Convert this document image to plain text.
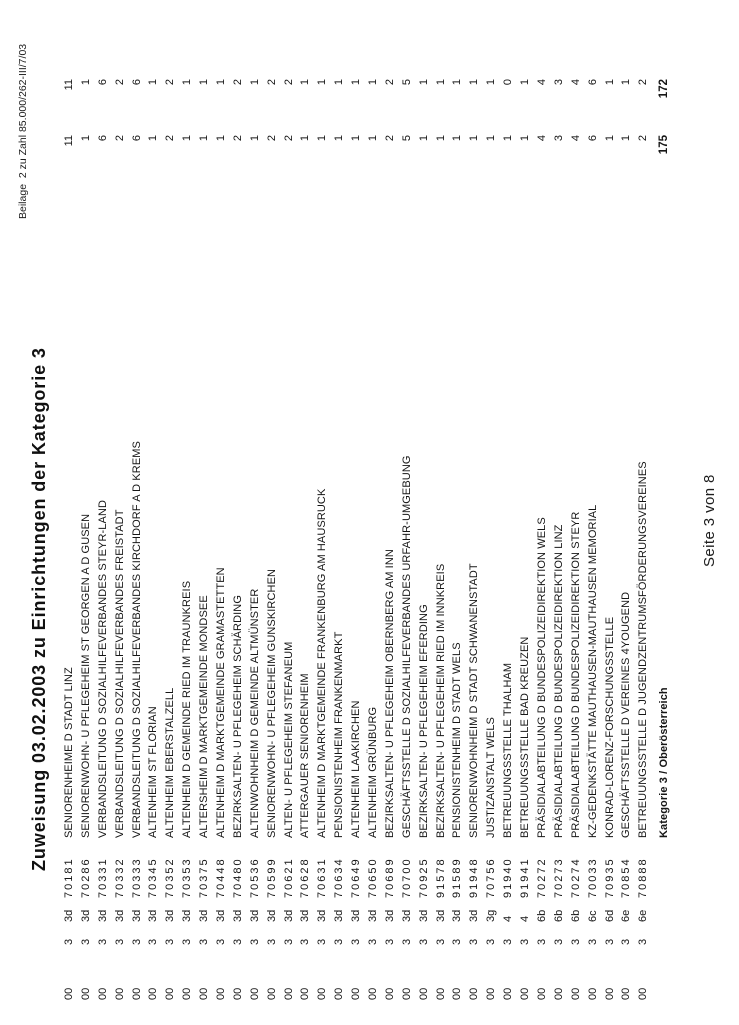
Beilage  2 zu Zahl 85.000/262-III/7/03
Zuweisung 03.02.2003 zu Einrichtungen der Kategorie 3
00
3
3d
70181
SENIORENHEIME D STADT LINZ
11
11
00
3
3d
70286
SENIORENWOHN- U PFLEGEHEIM ST GEORGEN A D GUSEN
1
1
00
3
3d
70331
VERBANDSLEITUNG D SOZIALHILFEVERBANDES STEYR-LAND
6
6
00
3
3d
70332
VERBANDSLEITUNG D SOZIALHILFEVERBANDES FREISTADT
2
2
00
3
3d
70333
VERBANDSLEITUNG D SOZIALHILFEVERBANDES KIRCHDORF A D KREMS
6
6
00
3
3d
70345
ALTENHEIM ST FLORIAN
1
1
00
3
3d
70352
ALTENHEIM EBERSTALZELL
2
2
00
3
3d
70353
ALTENHEIM D GEMEINDE RIED IM TRAUNKREIS
1
1
00
3
3d
70375
ALTERSHEIM D MARKTGEMEINDE MONDSEE
1
1
00
3
3d
70448
ALTENHEIM D MARKTGEMEINDE GRAMASTETTEN
1
1
00
3
3d
70480
BEZIRKSALTEN- U PFLEGEHEIM SCHÄRDING
2
2
00
3
3d
70536
ALTENWOHNHEIM D GEMEINDE ALTMÜNSTER
1
1
00
3
3d
70599
SENIORENWOHN- U PFLEGEHEIM GUNSKIRCHEN
2
2
00
3
3d
70621
ALTEN- U PFLEGEHEIM STEFANEUM
2
2
00
3
3d
70628
ATTERGAUER SENIORENHEIM
1
1
00
3
3d
70631
ALTENHEIM D MARKTGEMEINDE FRANKENBURG AM HAUSRUCK
1
1
00
3
3d
70634
PENSIONISTENHEIM FRANKENMARKT
1
1
00
3
3d
70649
ALTENHEIM LAAKIRCHEN
1
1
00
3
3d
70650
ALTENHEIM GRÜNBURG
1
1
00
3
3d
70689
BEZIRKSALTEN- U PFLEGEHEIM OBERNBERG AM INN
2
2
00
3
3d
70700
GESCHÄFTSSTELLE D SOZIALHILFEVERBANDES URFAHR-UMGEBUNG
5
5
00
3
3d
70925
BEZIRKSALTEN- U PFLEGEHEIM EFERDING
1
1
00
3
3d
91578
BEZIRKSALTEN- U PFLEGEHEIM RIED IM INNKREIS
1
1
00
3
3d
91589
PENSIONISTENHEIM D STADT WELS
1
1
00
3
3d
91948
SENIORENWOHNHEIM D STADT SCHWANENSTADT
1
1
00
3
3g
70756
JUSTIZANSTALT WELS
1
1
00
3
4
91940
BETREUUNGSSTELLE THALHAM
1
0
00
3
4
91941
BETREUUNGSSTELLE BAD KREUZEN
1
1
00
3
6b
70272
PRÄSIDIALABTEILUNG D BUNDESPOLIZEIDIREKTION WELS
4
4
00
3
6b
70273
PRÄSIDIALABTEILUNG D BUNDESPOLIZEIDIREKTION LINZ
3
3
00
3
6b
70274
PRÄSIDIALABTEILUNG D BUNDESPOLIZEIDIREKTION STEYR
4
4
00
3
6c
70033
KZ-GEDENKSTÄTTE MAUTHAUSEN-MAUTHAUSEN MEMORIAL
6
6
00
3
6d
70935
KONRAD-LORENZ-FORSCHUNGSSTELLE
1
1
00
3
6e
70854
GESCHÄFTSSTELLE D VEREINES 4YOUGEND
1
1
00
3
6e
70888
BETREUUNGSSTELLE D JUGENDZENTRUMSFÖRDERUNGSVEREINES
2
2
Kategorie 3 / Oberösterreich
175
172
Seite 3 von 8
